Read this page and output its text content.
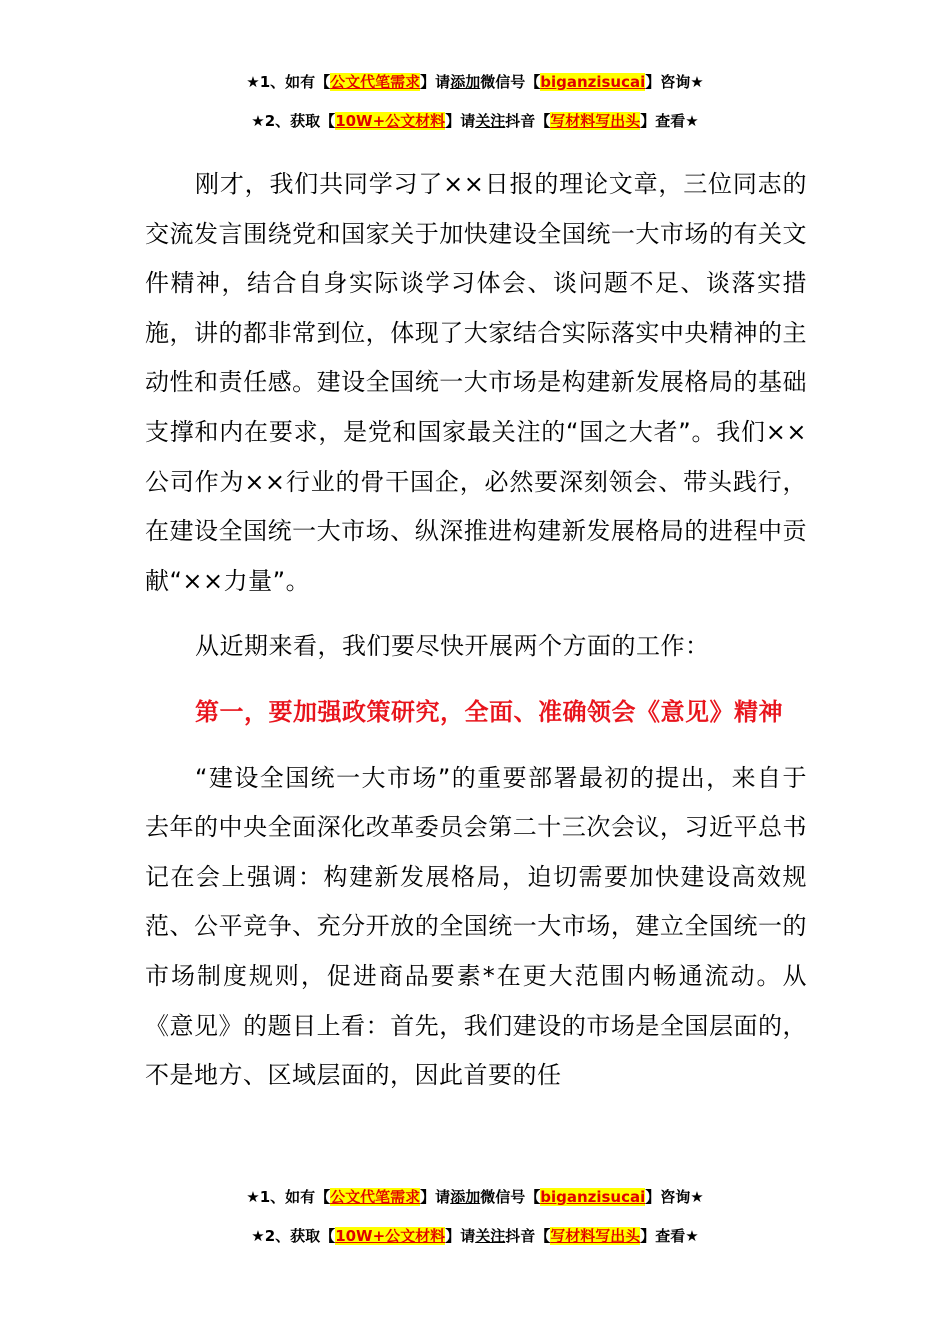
★1、如有【公文代笔需求】请添加微信号【biganzisucai】咨询★
★2、获取【10W+公文材料】请关注抖音【写材料写出头】查看★

刚才，我们共同学习了××日报的理论文章，三位同志的交流发言围绕党和国家关于加快建设全国统一大市场的有关文件精神，结合自身实际谈学习体会、谈问题不足、谈落实措施，讲的都非常到位，体现了大家结合实际落实中央精神的主动性和责任感。建设全国统一大市场是构建新发展格局的基础支撑和内在要求，是党和国家最关注的“国之大者”。我们××公司作为××行业的骨干国企，必然要深刻领会、带头践行，在建设全国统一大市场、纵深推进构建新发展格局的进程中贡献“××力量”。

从近期来看，我们要尽快开展两个方面的工作：

第一，要加强政策研究，全面、准确领会《意见》精神

“建设全国统一大市场”的重要部署最初的提出，来自于去年的中央全面深化改革委员会第二十三次会议，习近平总书记在会上强调：构建新发展格局，迫切需要加快建设高效规范、公平竞争、充分开放的全国统一大市场，建立全国统一的市场制度规则，促进商品要素*在更大范围内畅通流动。从《意见》的题目上看：首先，我们建设的市场是全国层面的，不是地方、区域层面的，因此首要的任

★1、如有【公文代笔需求】请添加微信号【biganzisucai】咨询★
★2、获取【10W+公文材料】请关注抖音【写材料写出头】查看★
